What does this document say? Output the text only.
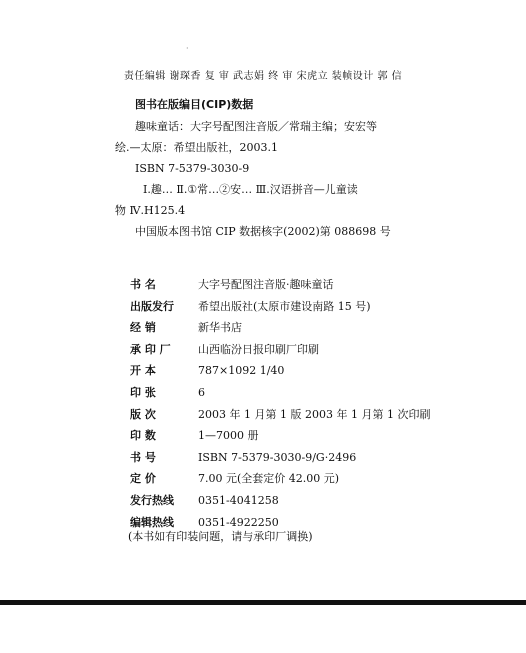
·
责任编辑 谢琛香 复 审 武志娟 终 审 宋虎立 装帧设计 郭 信
图书在版编目(CIP)数据
趣味童话：大字号配图注音版／常瑞主编；安宏等
绘.—太原：希望出版社，2003.1
ISBN 7-5379-3030-9
Ⅰ.趣… Ⅱ.①常…②安… Ⅲ.汉语拼音—儿童读
物 Ⅳ.H125.4
中国版本图书馆 CIP 数据核字(2002)第 088698 号
书 名	大字号配图注音版·趣味童话
出版发行	希望出版社(太原市建设南路 15 号)
经 销	新华书店
承 印 厂	山西临汾日报印刷厂印刷
开 本	787×1092 1/40
印 张	6
版 次	2003 年 1 月第 1 版 2003 年 1 月第 1 次印刷
印 数	1—7000 册
书 号	ISBN 7-5379-3030-9/G·2496
定 价	7.00 元(全套定价 42.00 元)
发行热线	0351-4041258
编辑热线	0351-4922250
(本书如有印装问题，请与承印厂调换)
